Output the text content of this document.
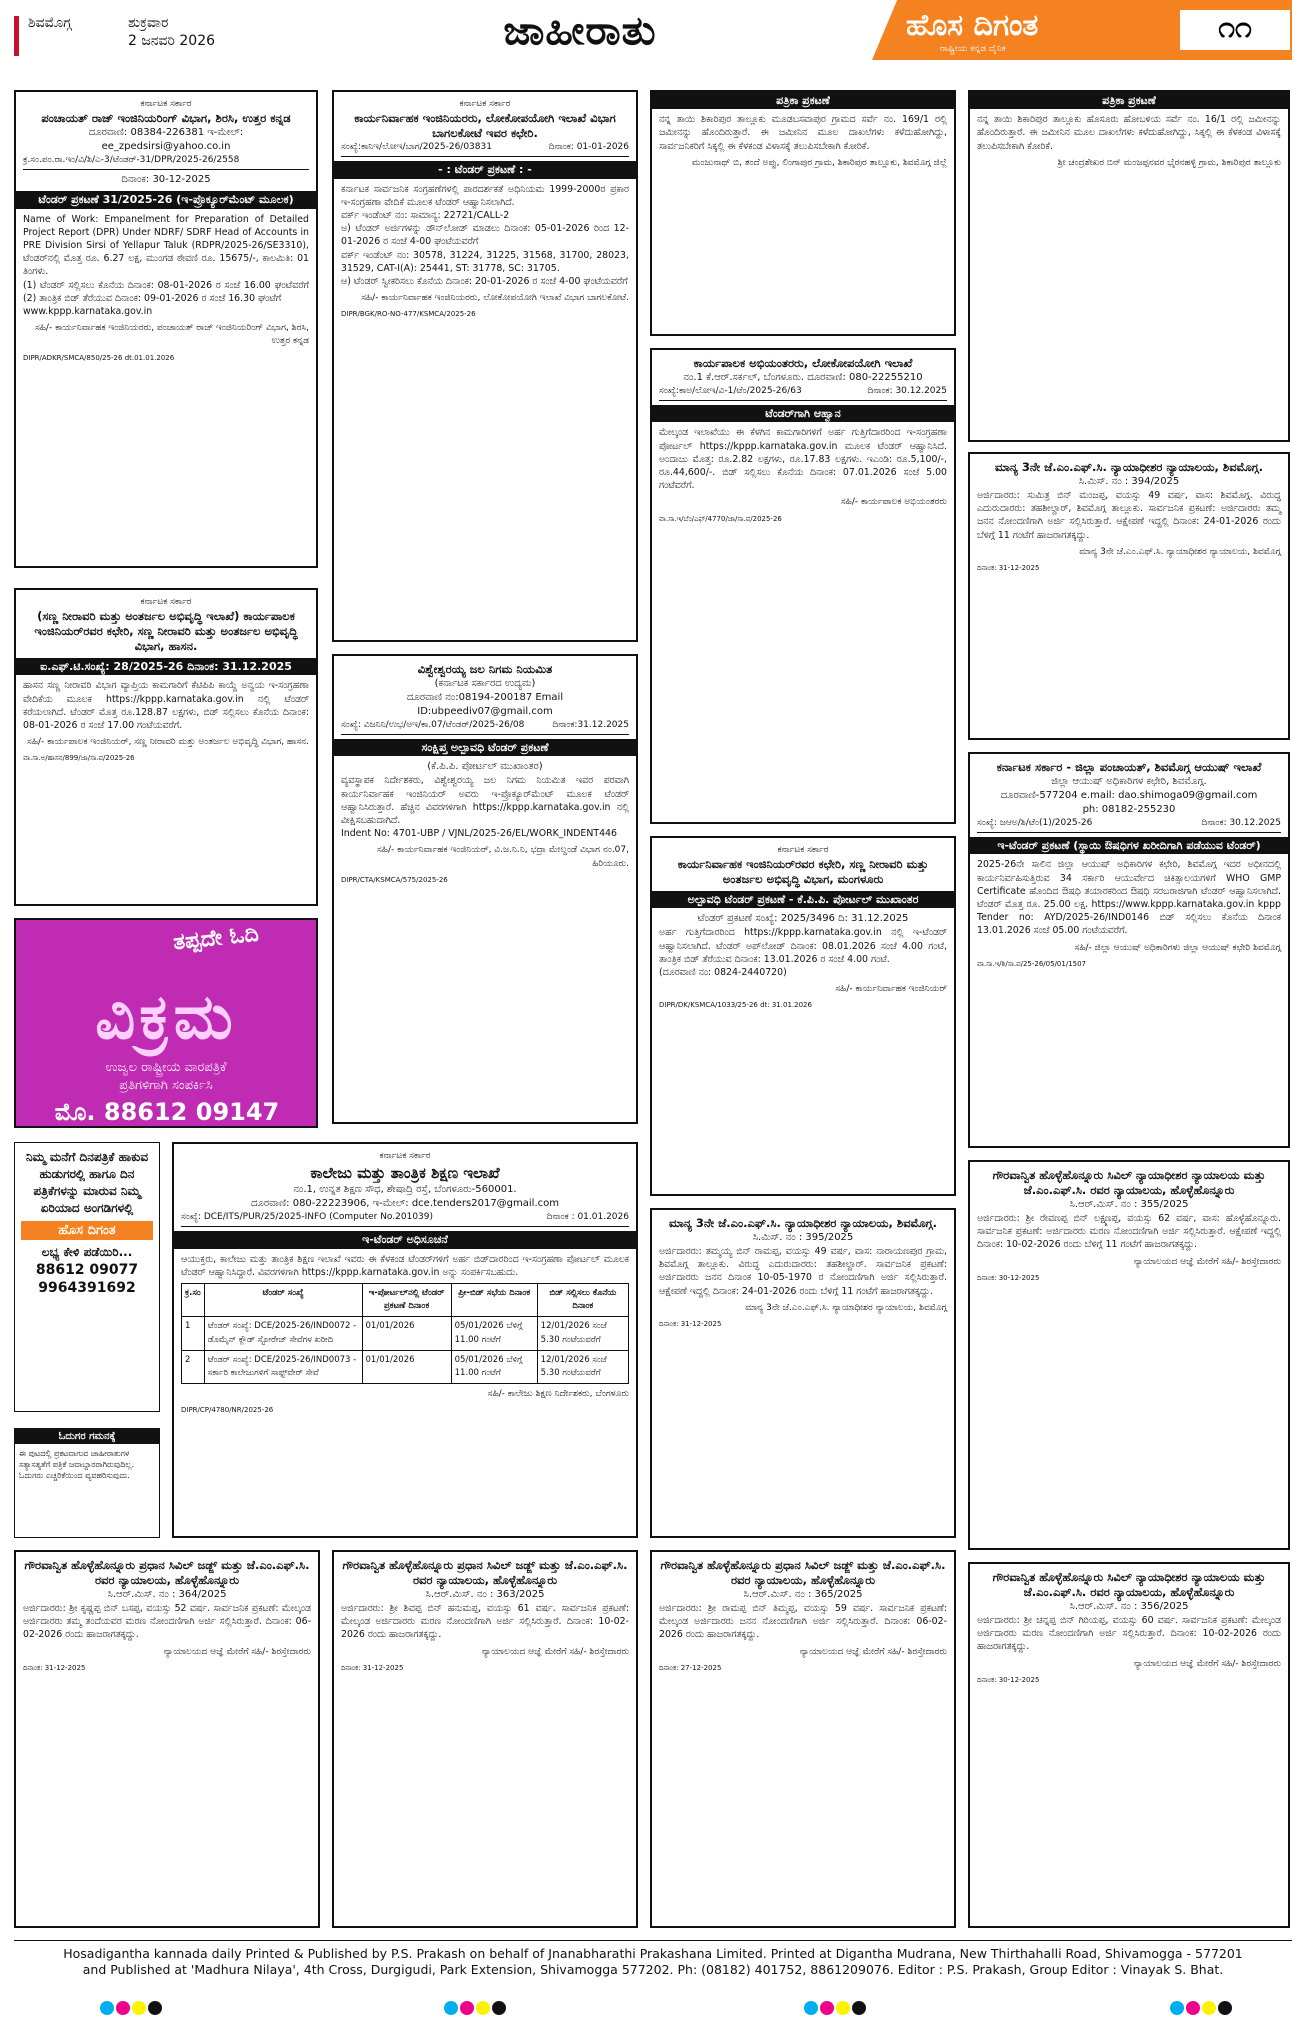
ಶಿವಮೊಗ್ಗ	ಶುಕ್ರವಾರ
2 ಜನವರಿ 2026	ಜಾಹೀರಾತು	ಹೊಸ ದಿಗಂತ
ರಾಷ್ಟ್ರೀಯ ಕನ್ನಡ ದೈನಿಕ
೧೧
ಕರ್ನಾಟಕ ಸರ್ಕಾರ
ಪಂಚಾಯತ್ ರಾಜ್ ಇಂಜಿನಿಯರಿಂಗ್ ವಿಭಾಗ, ಶಿರಸಿ, ಉತ್ತರ ಕನ್ನಡ
ದೂರವಾಣಿ: 08384-226381 ಇ-ಮೇಲ್: ee_zpedsirsi@yahoo.co.in
ಕ್ರ.ಸಂ.ಪಂ.ರಾ.ಇಂ/ವಿ/ಶಿ/ಎ-3/ಟೆಂಡರ್-31/DPR/2025-26/2558
ದಿನಾಂಕ: 30-12-2025
ಟೆಂಡರ್ ಪ್ರಕಟಣೆ 31/2025-26 (ಇ-ಪ್ರೊಕ್ಯೂರ್‌ಮೆಂಟ್ ಮೂಲಕ)
Name of Work: Empanelment for Preparation of Detailed Project Report (DPR) Under NDRF/ SDRF Head of Accounts in PRE Division Sirsi of Yellapur Taluk (RDPR/2025-26/SE3310), ಟೆಂಡರ್‌ನಲ್ಲಿ ಮೊತ್ತ ರೂ. 6.27 ಲಕ್ಷ, ಮುಂಗಡ ಠೇವಣಿ ರೂ. 15675/-, ಕಾಲಮಿತಿ: 01 ತಿಂಗಳು.
(1) ಟೆಂಡರ್ ಸಲ್ಲಿಸಲು ಕೊನೆಯ ದಿನಾಂಕ: 08-01-2026 ರ ಸಂಜೆ 16.00 ಘಂಟೆವರೆಗೆ (2) ತಾಂತ್ರಿಕ ಬಿಡ್ ತೆರೆಯುವ ದಿನಾಂಕ: 09-01-2026 ರ ಸಂಜೆ 16.30 ಘಂಟೆಗೆ
www.kppp.karnataka.gov.in
ಸಹಿ/- ಕಾರ್ಯನಿರ್ವಾಹಕ ಇಂಜಿನಿಯರರು, ಪಂಚಾಯತ್ ರಾಜ್ ಇಂಜಿನಿಯರಿಂಗ್ ವಿಭಾಗ, ಶಿರಸಿ, ಉತ್ತರ ಕನ್ನಡ
DIPR/ADKR/SMCA/850/25-26 dt.01.01.2026
ಕರ್ನಾಟಕ ಸರ್ಕಾರ
ಕಾರ್ಯನಿರ್ವಾಹಕ ಇಂಜಿನಿಯರರು, ಲೋಕೋಪಯೋಗಿ ಇಲಾಖೆ ವಿಭಾಗ ಬಾಗಲಕೋಟೆ ಇವರ ಕಛೇರಿ.
ಸಂಖ್ಯೆ:ಕಾನಿಇ/ಲೋಇ/ಬಾಗ/2025-26/03831	ದಿನಾಂಕ: 01-01-2026
- : ಟೆಂಡರ್ ಪ್ರಕಟಣೆ : -
ಕರ್ನಾಟಕ ಸಾರ್ವಜನಿಕ ಸಂಗ್ರಹಣೆಗಳಲ್ಲಿ ಪಾರದರ್ಶಕತೆ ಅಧಿನಿಯಮ 1999-2000ರ ಪ್ರಕಾರ ಇ-ಸಂಗ್ರಹಣಾ ವೇದಿಕೆ ಮೂಲಕ ಟೆಂಡರ್ ಆಹ್ವಾನಿಸಲಾಗಿದೆ.
ವರ್ಕ್ ಇಂಡೆಂಟ್ ನಂ: ಸಾಮಾನ್ಯ: 22721/CALL-2
ಅ) ಟೆಂಡರ್ ಅರ್ಜಿಗಳನ್ನು ಡೌನ್‌ಲೋಡ್ ಮಾಡಲು ದಿನಾಂಕ: 05-01-2026 ರಿಂದ 12-01-2026 ರ ಸಂಜೆ 4-00 ಘಂಟೆಯವರೆಗೆ
ವರ್ಕ್ ಇಂಡೆಂಟ್ ನಂ: 30578, 31224, 31225, 31568, 31700, 28023, 31529, CAT-I(A): 25441, ST: 31778, SC: 31705.
ಆ) ಟೆಂಡರ್ ಸ್ವೀಕರಿಸಲು ಕೊನೆಯ ದಿನಾಂಕ: 20-01-2026 ರ ಸಂಜೆ 4-00 ಘಂಟೆಯವರೆಗೆ
ಸಹಿ/- ಕಾರ್ಯನಿರ್ವಾಹಕ ಇಂಜಿನಿಯರರು, ಲೋಕೋಪಯೋಗಿ ಇಲಾಖೆ ವಿಭಾಗ ಬಾಗಲಕೋಟೆ.
DIPR/BGK/RO-NO-477/KSMCA/2025-26
ಪತ್ರಿಕಾ ಪ್ರಕಟಣೆ
ನನ್ನ ತಾಯಿ ಶಿಕಾರಿಪುರ ತಾಲ್ಲೂಕು ಮೂಡಬಸವಾಪುರ ಗ್ರಾಮದ ಸರ್ವೆ ನಂ. 169/1 ರಲ್ಲಿ ಜಮೀನನ್ನು ಹೊಂದಿರುತ್ತಾರೆ. ಈ ಜಮೀನಿನ ಮೂಲ ದಾಖಲೆಗಳು ಕಳೆದುಹೋಗಿದ್ದು, ಸಾರ್ವಜನಿಕರಿಗೆ ಸಿಕ್ಕಲ್ಲಿ ಈ ಕೆಳಕಂಡ ವಿಳಾಸಕ್ಕೆ ತಲುಪಿಸಬೇಕಾಗಿ ಕೋರಿಕೆ.
ಮಂಜುನಾಥ್ ಬಿ, ತಂದೆ ಅಪ್ಪು, ಲಿಂಗಾಪುರ ಗ್ರಾಮ, ಶಿಕಾರಿಪುರ ತಾಲ್ಲೂಕು, ಶಿವಮೊಗ್ಗ ಜಿಲ್ಲೆ
ಪತ್ರಿಕಾ ಪ್ರಕಟಣೆ
ನನ್ನ ತಾಯಿ ಶಿಕಾರಿಪುರ ತಾಲ್ಲೂಕು ಹೊಸೂರು ಹೋಬಳಿಯ ಸರ್ವೆ ನಂ. 16/1 ರಲ್ಲಿ ಜಮೀನನ್ನು ಹೊಂದಿರುತ್ತಾರೆ. ಈ ಜಮೀನಿನ ಮೂಲ ದಾಖಲೆಗಳು ಕಳೆದುಹೋಗಿದ್ದು, ಸಿಕ್ಕಲ್ಲಿ ಈ ಕೆಳಕಂಡ ವಿಳಾಸಕ್ಕೆ ತಲುಪಿಸಬೇಕಾಗಿ ಕೋರಿಕೆ.
ಶ್ರೀ ಚಂದ್ರಶೇಖರ ಬಿನ್ ಮಂಜಪ್ಪನವರ ಭೈರನಹಳ್ಳಿ ಗ್ರಾಮ, ಶಿಕಾರಿಪುರ ತಾಲ್ಲೂಕು
ಮಾನ್ಯ 3ನೇ ಜೆ.ಎಂ.ಎಫ್.ಸಿ. ನ್ಯಾಯಾಧೀಶರ ನ್ಯಾಯಾಲಯ, ಶಿವಮೊಗ್ಗ.
ಸಿ.ಮಿಸ್. ನಂ : 394/2025
ಅರ್ಜಿದಾರರು: ಸುಮಿತ್ರ ಬಿನ್ ಮಂಜಪ್ಪ, ವಯಸ್ಸು 49 ವರ್ಷ, ವಾಸ: ಶಿವಮೊಗ್ಗ. ವಿರುದ್ಧ ಎದುರುದಾರರು: ತಹಶೀಲ್ದಾರ್, ಶಿವಮೊಗ್ಗ ತಾಲ್ಲೂಕು. ಸಾರ್ವಜನಿಕ ಪ್ರಕಟಣೆ: ಅರ್ಜಿದಾರರು ತಮ್ಮ ಜನನ ನೋಂದಣಿಗಾಗಿ ಅರ್ಜಿ ಸಲ್ಲಿಸಿರುತ್ತಾರೆ. ಆಕ್ಷೇಪಣೆ ಇದ್ದಲ್ಲಿ ದಿನಾಂಕ: 24-01-2026 ರಂದು ಬೆಳಿಗ್ಗೆ 11 ಗಂಟೆಗೆ ಹಾಜರಾಗತಕ್ಕದ್ದು.
ಮಾನ್ಯ 3ನೇ ಜೆ.ಎಂ.ಎಫ್.ಸಿ. ನ್ಯಾಯಾಧೀಶರ ನ್ಯಾಯಾಲಯ, ಶಿವಮೊಗ್ಗ
ದಿನಾಂಕ: 31-12-2025
ಕಾರ್ಯಪಾಲಕ ಅಭಿಯಂತರರು, ಲೋಕೋಪಯೋಗಿ ಇಲಾಖೆ
ನಂ.1 ಕೆ.ಆರ್.ಸರ್ಕಲ್, ಬೆಂಗಳೂರು. ದೂರವಾಣಿ: 080-22255210
ಸಂಖ್ಯೆ:ಕಾಅ/ಲೋಇ/ವಿ-1/ಟೆಂ/2025-26/63	ದಿನಾಂಕ: 30.12.2025
ಟೆಂಡರ್‌ಗಾಗಿ ಆಹ್ವಾನ
ಮೇಲ್ಕಂಡ ಇಲಾಖೆಯು ಈ ಕೆಳಗಿನ ಕಾಮಗಾರಿಗಳಿಗೆ ಅರ್ಹ ಗುತ್ತಿಗೆದಾರರಿಂದ ಇ-ಸಂಗ್ರಹಣಾ ಪೋರ್ಟಲ್ https://kppp.karnataka.gov.in ಮೂಲಕ ಟೆಂಡರ್ ಆಹ್ವಾನಿಸಿದೆ. ಅಂದಾಜು ಮೊತ್ತ: ರೂ.2.82 ಲಕ್ಷಗಳು, ರೂ.17.83 ಲಕ್ಷಗಳು. ಇಎಂಡಿ: ರೂ.5,100/-, ರೂ.44,600/-. ಬಿಡ್ ಸಲ್ಲಿಸಲು ಕೊನೆಯ ದಿನಾಂಕ: 07.01.2026 ಸಂಜೆ 5.00 ಗಂಟೆವರೆಗೆ.
ಸಹಿ/- ಕಾರ್ಯಪಾಲಕ ಅಭಿಯಂತರರು
ವಾ.ಸಾ.ಇ/ಬೆಂ/ಎಫ್/4770/ಜಾ/ಸಾ.ವ/2025-26
ಕರ್ನಾಟಕ ಸರ್ಕಾರ
(ಸಣ್ಣ ನೀರಾವರಿ ಮತ್ತು ಅಂತರ್ಜಲ ಅಭಿವೃದ್ಧಿ ಇಲಾಖೆ) ಕಾರ್ಯಪಾಲಕ ಇಂಜಿನಿಯರ್‌ರವರ ಕಛೇರಿ, ಸಣ್ಣ ನೀರಾವರಿ ಮತ್ತು ಅಂತರ್ಜಲ ಅಭಿವೃದ್ಧಿ ವಿಭಾಗ, ಹಾಸನ.
ಐ.ಎಫ್.ಟಿ.ಸಂಖ್ಯೆ: 28/2025-26 ದಿನಾಂಕ: 31.12.2025
ಹಾಸನ ಸಣ್ಣ ನೀರಾವರಿ ವಿಭಾಗ ವ್ಯಾಪ್ತಿಯ ಕಾಮಗಾರಿಗೆ ಕೆಟಿಪಿಪಿ ಕಾಯ್ದೆ ಅನ್ವಯ ಇ-ಸಂಗ್ರಹಣಾ ವೇದಿಕೆಯ ಮೂಲಕ https://kppp.karnataka.gov.in ನಲ್ಲಿ ಟೆಂಡರ್ ಕರೆಯಲಾಗಿದೆ. ಟೆಂಡರ್ ಮೊತ್ತ ರೂ.128.87 ಲಕ್ಷಗಳು, ಬಿಡ್ ಸಲ್ಲಿಸಲು ಕೊನೆಯ ದಿನಾಂಕ: 08-01-2026 ರ ಸಂಜೆ 17.00 ಗಂಟೆಯವರೆಗೆ.
ಸಹಿ/- ಕಾರ್ಯಪಾಲಕ ಇಂಜಿನಿಯರ್, ಸಣ್ಣ ನೀರಾವರಿ ಮತ್ತು ಅಂತರ್ಜಲ ಅಭಿವೃದ್ಧಿ ವಿಭಾಗ, ಹಾಸನ.
ವಾ.ಸಾ.ಅ/ಹಾಸನ/899/ಜಾ/ಸಾ.ವ/2025-26
ವಿಶ್ವೇಶ್ವರಯ್ಯ ಜಲ ನಿಗಮ ನಿಯಮಿತ
(ಕರ್ನಾಟಕ ಸರ್ಕಾರದ ಉದ್ಯಮ)
ದೂರವಾಣಿ ನಂ:08194-200187 Email ID:ubpeediv07@gmail.com
ಸಂಖ್ಯೆ: ವಿಜನಿನಿ/ಉಭ/ಅಇ/ಕಾ.07/ಟೆಂಡರ್/2025-26/08	ದಿನಾಂಕ:31.12.2025
ಸಂಕ್ಷಿಪ್ತ ಅಲ್ಪಾವಧಿ ಟೆಂಡರ್ ಪ್ರಕಟಣೆ
(ಕೆ.ಪಿ.ಪಿ. ಪೋರ್ಟಲ್ ಮುಖಾಂತರ)
ವ್ಯವಸ್ಥಾಪಕ ನಿರ್ದೇಶಕರು, ವಿಶ್ವೇಶ್ವರಯ್ಯ ಜಲ ನಿಗಮ ನಿಯಮಿತ ಇವರ ಪರವಾಗಿ ಕಾರ್ಯನಿರ್ವಾಹಕ ಇಂಜಿನಿಯರ್ ಅವರು ಇ-ಪ್ರೊಕ್ಯೂರ್‌ಮೆಂಟ್ ಮೂಲಕ ಟೆಂಡರ್ ಆಹ್ವಾನಿಸಿರುತ್ತಾರೆ. ಹೆಚ್ಚಿನ ವಿವರಗಳಿಗಾಗಿ https://kppp.karnataka.gov.in ನಲ್ಲಿ ವೀಕ್ಷಿಸಬಹುದಾಗಿದೆ.
Indent No: 4701-UBP / VJNL/2025-26/EL/WORK_INDENT446
ಸಹಿ/- ಕಾರ್ಯನಿರ್ವಾಹಕ ಇಂಜಿನಿಯರ್, ವಿ.ಜ.ನಿ.ನಿ, ಭದ್ರಾ ಮೇಲ್ದಂಡೆ ವಿಭಾಗ ನಂ.07, ಹಿರಿಯೂರು.
DIPR/CTA/KSMCA/575/2025-26
ಕರ್ನಾಟಕ ಸರ್ಕಾರ - ಜಿಲ್ಲಾ ಪಂಚಾಯತ್, ಶಿವಮೊಗ್ಗ ಆಯುಷ್ ಇಲಾಖೆ
ಜಿಲ್ಲಾ ಆಯುಷ್ ಅಧಿಕಾರಿಗಳ ಕಛೇರಿ, ಶಿವಮೊಗ್ಗ.
ದೂರವಾಣಿ-577204 e.mail: dao.shimoga09@gmail.com
ph: 08182-255230
ಸಂಖ್ಯೆ: ಜಆಅ/ಶಿ/ಟೆಂ(1)/2025-26	ದಿನಾಂಕ: 30.12.2025
ಇ-ಟೆಂಡರ್ ಪ್ರಕಟಣೆ (ಸ್ಥಾಯಿ ಔಷಧಿಗಳ ಖರೀದಿಗಾಗಿ ಪಡೆಯುವ ಟೆಂಡರ್)
2025-26ನೇ ಸಾಲಿನ ಜಿಲ್ಲಾ ಆಯುಷ್ ಅಧಿಕಾರಿಗಳ ಕಛೇರಿ, ಶಿವಮೊಗ್ಗ ಇದರ ಅಧೀನದಲ್ಲಿ ಕಾರ್ಯನಿರ್ವಹಿಸುತ್ತಿರುವ 34 ಸರ್ಕಾರಿ ಆಯುರ್ವೇದ ಚಿಕಿತ್ಸಾಲಯಗಳಿಗೆ WHO GMP Certificate ಹೊಂದಿದ ಔಷಧಿ ತಯಾರಕರಿಂದ ಔಷಧಿ ಸರಬರಾಜಿಗಾಗಿ ಟೆಂಡರ್ ಆಹ್ವಾನಿಸಲಾಗಿದೆ. ಟೆಂಡರ್ ಮೊತ್ತ ರೂ. 25.00 ಲಕ್ಷ. https://www.kppp.karnataka.gov.in kppp Tender no: AYD/2025-26/IND0146 ಬಿಡ್ ಸಲ್ಲಿಸಲು ಕೊನೆಯ ದಿನಾಂಕ 13.01.2026 ಸಂಜೆ 05.00 ಗಂಟೆಯವರೆಗೆ.
ಸಹಿ/- ಜಿಲ್ಲಾ ಆಯುಷ್ ಅಧಿಕಾರಿಗಳು ಜಿಲ್ಲಾ ಆಯುಷ್ ಕಛೇರಿ ಶಿವಮೊಗ್ಗ
ವಾ.ಸಾ.ಇ/ಶಿ/ಸಾ.ವ/25-26/05/01/1507
ಕರ್ನಾಟಕ ಸರ್ಕಾರ
ಕಾರ್ಯನಿರ್ವಾಹಕ ಇಂಜಿನಿಯರ್‌ರವರ ಕಛೇರಿ, ಸಣ್ಣ ನೀರಾವರಿ ಮತ್ತು ಅಂತರ್ಜಲ ಅಭಿವೃದ್ಧಿ ವಿಭಾಗ, ಮಂಗಳೂರು
ಅಲ್ಪಾವಧಿ ಟೆಂಡರ್ ಪ್ರಕಟಣೆ - ಕೆ.ಪಿ.ಪಿ. ಪೋರ್ಟಲ್ ಮುಖಾಂತರ
ಟೆಂಡರ್ ಪ್ರಕಟಣೆ ಸಂಖ್ಯೆ: 2025/3496 ದಿ: 31.12.2025
ಅರ್ಹ ಗುತ್ತಿಗೆದಾರರಿಂದ https://kppp.karnataka.gov.in ನಲ್ಲಿ ಇ-ಟೆಂಡರ್ ಆಹ್ವಾನಿಸಲಾಗಿದೆ. ಟೆಂಡರ್ ಅಪ್‌ಲೋಡ್ ದಿನಾಂಕ: 08.01.2026 ಸಂಜೆ 4.00 ಗಂಟೆ, ತಾಂತ್ರಿಕ ಬಿಡ್ ತೆರೆಯುವ ದಿನಾಂಕ: 13.01.2026 ರ ಸಂಜೆ 4.00 ಗಂಟೆ.
(ದೂರವಾಣಿ ನಂ: 0824-2440720)
ಸಹಿ/- ಕಾರ್ಯನಿರ್ವಾಹಕ ಇಂಜಿನಿಯರ್
DIPR/DK/KSMCA/1033/25-26 dt: 31.01.2026
ತಪ್ಪದೇ ಓದಿ
ವಿಕ್ರಮ
ಉಜ್ವಲ ರಾಷ್ಟ್ರೀಯ ವಾರಪತ್ರಿಕೆ
ಪ್ರತಿಗಳಿಗಾಗಿ ಸಂಪರ್ಕಿಸಿ
ಮೊ. 88612 09147
ನಿಮ್ಮ ಮನೆಗೆ ದಿನಪತ್ರಿಕೆ ಹಾಕುವ ಹುಡುಗರಲ್ಲಿ ಹಾಗೂ ದಿನ ಪತ್ರಿಕೆಗಳನ್ನು ಮಾರುವ ನಿಮ್ಮ ಏರಿಯಾದ ಅಂಗಡಿಗಳಲ್ಲಿ
ಹೊಸ ದಿಗಂತ
ಲಭ್ಯ ಕೇಳಿ ಪಡೆಯಿರಿ...
88612 09077
9964391692
ಓದುಗರ ಗಮನಕ್ಕೆ
ಈ ಪುಟದಲ್ಲಿ ಪ್ರಕಟವಾಗುವ ಜಾಹೀರಾತುಗಳ ಸತ್ಯಾಸತ್ಯತೆಗೆ ಪತ್ರಿಕೆ ಜವಾಬ್ದಾರರಾಗಿರುವುದಿಲ್ಲ. ಓದುಗರು ಎಚ್ಚರಿಕೆಯಿಂದ ವ್ಯವಹರಿಸುವುದು.
ಕರ್ನಾಟಕ ಸರ್ಕಾರ
ಕಾಲೇಜು ಮತ್ತು ತಾಂತ್ರಿಕ ಶಿಕ್ಷಣ ಇಲಾಖೆ
ನಂ.1, ಉನ್ನತ ಶಿಕ್ಷಣ ಸೌಧ, ಶೇಷಾದ್ರಿ ರಸ್ತೆ, ಬೆಂಗಳೂರು-560001.
ದೂರವಾಣಿ: 080-22223906, ಇ-ಮೇಲ್: dce.tenders2017@gmail.com
ಸಂಖ್ಯೆ: DCE/ITS/PUR/25/2025-INFO (Computer No.201039)	ದಿನಾಂಕ : 01.01.2026
ಇ-ಟೆಂಡರ್ ಅಧಿಸೂಚನೆ
ಆಯುಕ್ತರು, ಕಾಲೇಜು ಮತ್ತು ತಾಂತ್ರಿಕ ಶಿಕ್ಷಣ ಇಲಾಖೆ ಇವರು ಈ ಕೆಳಕಂಡ ಟೆಂಡರ್‌ಗಳಿಗೆ ಅರ್ಹ ಬಿಡ್‌ದಾರರಿಂದ ಇ-ಸಂಗ್ರಹಣಾ ಪೋರ್ಟಲ್ ಮೂಲಕ ಟೆಂಡರ್ ಆಹ್ವಾನಿಸಿದ್ದಾರೆ. ವಿವರಗಳಿಗಾಗಿ https://kppp.karnataka.gov.in ಅನ್ನು ಸಂಪರ್ಕಿಸಬಹುದು.
ಕ್ರ.ಸಂ	ಟೆಂಡರ್ ಸಂಖ್ಯೆ	ಇ-ಪೋರ್ಟಲ್‌ನಲ್ಲಿ ಟೆಂಡರ್ ಪ್ರಕಟಣೆ ದಿನಾಂಕ	ಪ್ರೀ-ಬಿಡ್ ಸಭೆಯ ದಿನಾಂಕ	ಬಿಡ್ ಸಲ್ಲಿಸಲು ಕೊನೆಯ ದಿನಾಂಕ
1	ಟೆಂಡರ್ ಸಂಖ್ಯೆ: DCE/2025-26/IND0072 - ಡೊಮೈನ್ ಕ್ಲೌಡ್ ಸ್ಟೋರೇಜ್ ಸೇವೆಗಳ ಖರೀದಿ	01/01/2026	05/01/2026 ಬೆಳಿಗ್ಗೆ 11.00 ಗಂಟೆಗೆ	12/01/2026 ಸಂಜೆ 5.30 ಗಂಟೆಯವರೆಗೆ
2	ಟೆಂಡರ್ ಸಂಖ್ಯೆ: DCE/2025-26/IND0073 - ಸರ್ಕಾರಿ ಕಾಲೇಜುಗಳಿಗೆ ಸಾಫ್ಟ್‌ವೇರ್ ಸೇವೆ	01/01/2026	05/01/2026 ಬೆಳಿಗ್ಗೆ 11.00 ಗಂಟೆಗೆ	12/01/2026 ಸಂಜೆ 5.30 ಗಂಟೆಯವರೆಗೆ
ಸಹಿ/- ಕಾಲೇಜು ಶಿಕ್ಷಣ ನಿರ್ದೇಶಕರು, ಬೆಂಗಳೂರು
DIPR/CP/4780/NR/2025-26
ಮಾನ್ಯ 3ನೇ ಜೆ.ಎಂ.ಎಫ್.ಸಿ. ನ್ಯಾಯಾಧೀಶರ ನ್ಯಾಯಾಲಯ, ಶಿವಮೊಗ್ಗ.
ಸಿ.ಮಿಸ್. ನಂ : 395/2025
ಅರ್ಜಿದಾರರು: ತಮ್ಮಯ್ಯ ಬಿನ್ ರಾಮಪ್ಪ, ವಯಸ್ಸು 49 ವರ್ಷ, ವಾಸ: ನಾರಾಯಣಪುರ ಗ್ರಾಮ, ಶಿವಮೊಗ್ಗ ತಾಲ್ಲೂಕು. ವಿರುದ್ಧ ಎದುರುದಾರರು: ತಹಶೀಲ್ದಾರ್. ಸಾರ್ವಜನಿಕ ಪ್ರಕಟಣೆ: ಅರ್ಜಿದಾರರು ಜನನ ದಿನಾಂಕ 10-05-1970 ರ ನೋಂದಣಿಗಾಗಿ ಅರ್ಜಿ ಸಲ್ಲಿಸಿರುತ್ತಾರೆ. ಆಕ್ಷೇಪಣೆ ಇದ್ದಲ್ಲಿ ದಿನಾಂಕ: 24-01-2026 ರಂದು ಬೆಳಿಗ್ಗೆ 11 ಗಂಟೆಗೆ ಹಾಜರಾಗತಕ್ಕದ್ದು.
ಮಾನ್ಯ 3ನೇ ಜೆ.ಎಂ.ಎಫ್.ಸಿ. ನ್ಯಾಯಾಧೀಶರ ನ್ಯಾಯಾಲಯ, ಶಿವಮೊಗ್ಗ
ದಿನಾಂಕ: 31-12-2025
ಗೌರವಾನ್ವಿತ ಹೊಳ್ಳೆಹೊನ್ನೂರು ಸಿವಿಲ್ ನ್ಯಾಯಾಧೀಶರ ನ್ಯಾಯಾಲಯ ಮತ್ತು ಜೆ.ಎಂ.ಎಫ್.ಸಿ. ರವರ ನ್ಯಾಯಾಲಯ, ಹೊಳ್ಳೆಹೊನ್ನೂರು
ಸಿ.ಆರ್.ಮಿಸ್. ನಂ : 355/2025
ಅರ್ಜಿದಾರರು: ಶ್ರೀ ರೇವಣಪ್ಪ ಬಿನ್ ಲಕ್ಷ್ಮಣಪ್ಪ, ವಯಸ್ಸು 62 ವರ್ಷ, ವಾಸ: ಹೊಳ್ಳೆಹೊನ್ನೂರು. ಸಾರ್ವಜನಿಕ ಪ್ರಕಟಣೆ: ಅರ್ಜಿದಾರರು ಮರಣ ನೋಂದಣಿಗಾಗಿ ಅರ್ಜಿ ಸಲ್ಲಿಸಿರುತ್ತಾರೆ. ಆಕ್ಷೇಪಣೆ ಇದ್ದಲ್ಲಿ ದಿನಾಂಕ: 10-02-2026 ರಂದು ಬೆಳಿಗ್ಗೆ 11 ಗಂಟೆಗೆ ಹಾಜರಾಗತಕ್ಕದ್ದು.
ನ್ಯಾಯಾಲಯದ ಆಜ್ಞೆ ಮೇರೆಗೆ ಸಹಿ/- ಶಿರಸ್ತೇದಾರರು
ದಿನಾಂಕ: 30-12-2025
ಗೌರವಾನ್ವಿತ ಹೊಳ್ಳೆಹೊನ್ನೂರು ಪ್ರಧಾನ ಸಿವಿಲ್ ಜಡ್ಜ್ ಮತ್ತು ಜೆ.ಎಂ.ಎಫ್.ಸಿ. ರವರ ನ್ಯಾಯಾಲಯ, ಹೊಳ್ಳೆಹೊನ್ನೂರು
ಸಿ.ಆರ್.ಮಿಸ್. ನಂ : 364/2025
ಅರ್ಜಿದಾರರು: ಶ್ರೀ ಕೃಷ್ಣಪ್ಪ ಬಿನ್ ಬಸಪ್ಪ, ವಯಸ್ಸು 52 ವರ್ಷ. ಸಾರ್ವಜನಿಕ ಪ್ರಕಟಣೆ: ಮೇಲ್ಕಂಡ ಅರ್ಜಿದಾರರು ತಮ್ಮ ತಂದೆಯವರ ಮರಣ ನೋಂದಣಿಗಾಗಿ ಅರ್ಜಿ ಸಲ್ಲಿಸಿರುತ್ತಾರೆ. ದಿನಾಂಕ: 06-02-2026 ರಂದು ಹಾಜರಾಗತಕ್ಕದ್ದು.
ನ್ಯಾಯಾಲಯದ ಆಜ್ಞೆ ಮೇರೆಗೆ ಸಹಿ/- ಶಿರಸ್ತೇದಾರರು
ದಿನಾಂಕ: 31-12-2025
ಗೌರವಾನ್ವಿತ ಹೊಳ್ಳೆಹೊನ್ನೂರು ಪ್ರಧಾನ ಸಿವಿಲ್ ಜಡ್ಜ್ ಮತ್ತು ಜೆ.ಎಂ.ಎಫ್.ಸಿ. ರವರ ನ್ಯಾಯಾಲಯ, ಹೊಳ್ಳೆಹೊನ್ನೂರು
ಸಿ.ಆರ್.ಮಿಸ್. ನಂ : 363/2025
ಅರ್ಜಿದಾರರು: ಶ್ರೀ ಶಿವಪ್ಪ ಬಿನ್ ಹನುಮಪ್ಪ, ವಯಸ್ಸು 61 ವರ್ಷ. ಸಾರ್ವಜನಿಕ ಪ್ರಕಟಣೆ: ಮೇಲ್ಕಂಡ ಅರ್ಜಿದಾರರು ಮರಣ ನೋಂದಣಿಗಾಗಿ ಅರ್ಜಿ ಸಲ್ಲಿಸಿರುತ್ತಾರೆ. ದಿನಾಂಕ: 10-02-2026 ರಂದು ಹಾಜರಾಗತಕ್ಕದ್ದು.
ನ್ಯಾಯಾಲಯದ ಆಜ್ಞೆ ಮೇರೆಗೆ ಸಹಿ/- ಶಿರಸ್ತೇದಾರರು
ದಿನಾಂಕ: 31-12-2025
ಗೌರವಾನ್ವಿತ ಹೊಳ್ಳೆಹೊನ್ನೂರು ಪ್ರಧಾನ ಸಿವಿಲ್ ಜಡ್ಜ್ ಮತ್ತು ಜೆ.ಎಂ.ಎಫ್.ಸಿ. ರವರ ನ್ಯಾಯಾಲಯ, ಹೊಳ್ಳೆಹೊನ್ನೂರು
ಸಿ.ಆರ್.ಮಿಸ್. ನಂ : 365/2025
ಅರ್ಜಿದಾರರು: ಶ್ರೀ ರಾಮಪ್ಪ ಬಿನ್ ತಿಮ್ಮಪ್ಪ, ವಯಸ್ಸು 59 ವರ್ಷ. ಸಾರ್ವಜನಿಕ ಪ್ರಕಟಣೆ: ಮೇಲ್ಕಂಡ ಅರ್ಜಿದಾರರು ಜನನ ನೋಂದಣಿಗಾಗಿ ಅರ್ಜಿ ಸಲ್ಲಿಸಿರುತ್ತಾರೆ. ದಿನಾಂಕ: 06-02-2026 ರಂದು ಹಾಜರಾಗತಕ್ಕದ್ದು.
ನ್ಯಾಯಾಲಯದ ಆಜ್ಞೆ ಮೇರೆಗೆ ಸಹಿ/- ಶಿರಸ್ತೇದಾರರು
ದಿನಾಂಕ: 27-12-2025
ಗೌರವಾನ್ವಿತ ಹೊಳ್ಳೆಹೊನ್ನೂರು ಸಿವಿಲ್ ನ್ಯಾಯಾಧೀಶರ ನ್ಯಾಯಾಲಯ ಮತ್ತು ಜೆ.ಎಂ.ಎಫ್.ಸಿ. ರವರ ನ್ಯಾಯಾಲಯ, ಹೊಳ್ಳೆಹೊನ್ನೂರು
ಸಿ.ಆರ್.ಮಿಸ್. ನಂ : 356/2025
ಅರ್ಜಿದಾರರು: ಶ್ರೀ ಚನ್ನಪ್ಪ ಬಿನ್ ಗಿರಿಯಪ್ಪ, ವಯಸ್ಸು 60 ವರ್ಷ. ಸಾರ್ವಜನಿಕ ಪ್ರಕಟಣೆ: ಮೇಲ್ಕಂಡ ಅರ್ಜಿದಾರರು ಮರಣ ನೋಂದಣಿಗಾಗಿ ಅರ್ಜಿ ಸಲ್ಲಿಸಿರುತ್ತಾರೆ. ದಿನಾಂಕ: 10-02-2026 ರಂದು ಹಾಜರಾಗತಕ್ಕದ್ದು.
ನ್ಯಾಯಾಲಯದ ಆಜ್ಞೆ ಮೇರೆಗೆ ಸಹಿ/- ಶಿರಸ್ತೇದಾರರು
ದಿನಾಂಕ: 30-12-2025
Hosadigantha kannada daily Printed & Published by P.S. Prakash on behalf of Jnanabharathi Prakashana Limited. Printed at Digantha Mudrana, New Thirthahalli Road, Shivamogga - 577201
and Published at 'Madhura Nilaya', 4th Cross, Durgigudi, Park Extension, Shivamogga 577202. Ph: (08182) 401752, 8861209076. Editor : P.S. Prakash, Group Editor : Vinayak S. Bhat.
